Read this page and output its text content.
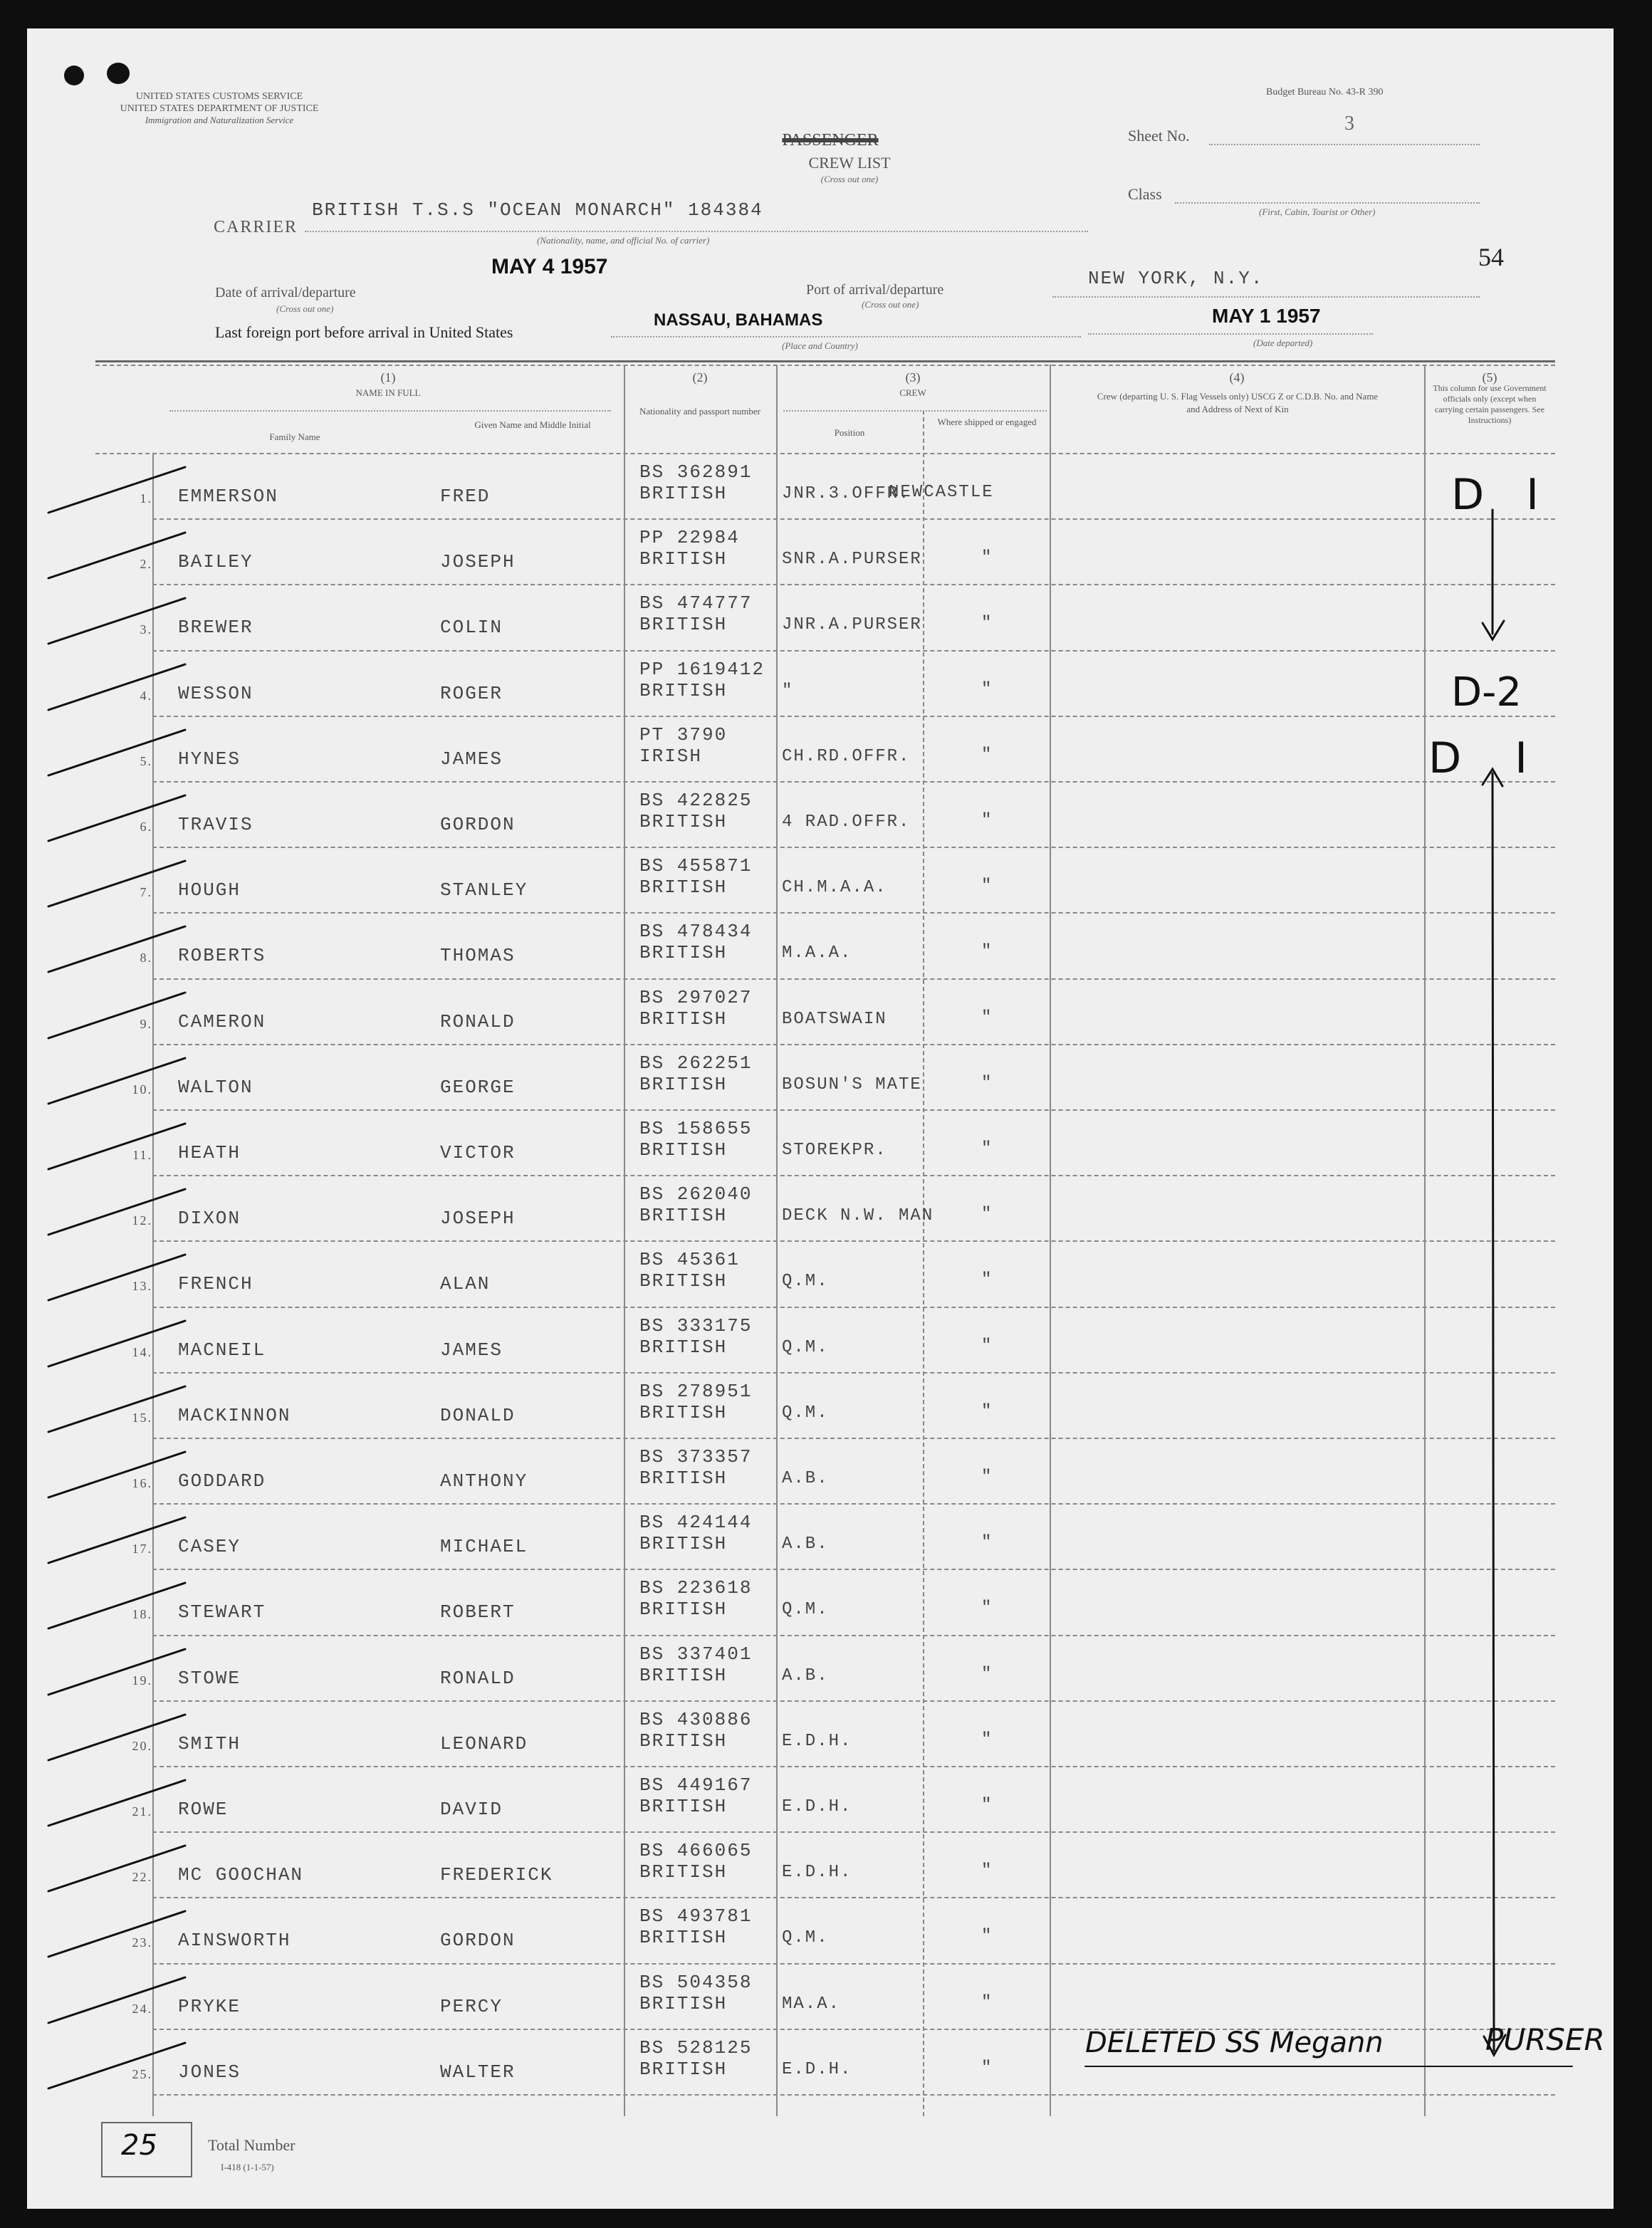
UNITED STATES CUSTOMS SERVICE
UNITED STATES DEPARTMENT OF JUSTICE
Immigration and Naturalization Service
Budget Bureau No. 43-R 390
PASSENGER
CREW LIST
(Cross out one)
Sheet No.
3
Class
(First, Cabin, Tourist or Other)
CARRIER
BRITISH T.S.S "OCEAN MONARCH" 184384
(Nationality, name, and official No. of carrier)
54
Date of arrival/departure
(Cross out one)
MAY 4 1957
Port of arrival/departure
(Cross out one)
NEW YORK, N.Y.
Last foreign port before arrival in United States
NASSAU, BAHAMAS
(Place and Country)
MAY 1 1957
(Date departed)
(1)
NAME IN FULL
Family Name
Given Name and Middle Initial
(2)
Nationality and passport number
(3)
CREW
Position
Where shipped or engaged
(4)
Crew (departing U. S. Flag Vessels only) USCG Z or C.D.B. No. and Name and Address of Next of Kin
(5)
This column for use Government officials only (except when carrying certain passengers. See Instructions)
1. EMMERSON	FRED
BS 362891
BRITISH	JNR.3.OFFR.
NEWCASTLE
2. BAILEY	JOSEPH
PP 22984
BRITISH	SNR.A.PURSER	"
3. BREWER	COLIN
BS 474777
BRITISH	JNR.A.PURSER	"
4. WESSON	ROGER
PP 1619412
BRITISH	"	"
5. HYNES	JAMES
PT 3790
IRISH	CH.RD.OFFR.	"
6. TRAVIS	GORDON
BS 422825
BRITISH	4 RAD.OFFR.	"
7. HOUGH	STANLEY
BS 455871
BRITISH	CH.M.A.A.	"
8. ROBERTS	THOMAS
BS 478434
BRITISH	M.A.A.	"
9. CAMERON	RONALD
BS 297027
BRITISH	BOATSWAIN	"
10. WALTON	GEORGE
BS 262251
BRITISH	BOSUN'S MATE	"
11. HEATH	VICTOR
BS 158655
BRITISH	STOREKPR.	"
12. DIXON	JOSEPH
BS 262040
BRITISH	DECK N.W. MAN	"
13. FRENCH	ALAN
BS 45361
BRITISH	Q.M.	"
14. MACNEIL	JAMES
BS 333175
BRITISH	Q.M.	"
15. MACKINNON	DONALD
BS 278951
BRITISH	Q.M.	"
16. GODDARD	ANTHONY
BS 373357
BRITISH	A.B.	"
17. CASEY	MICHAEL
BS 424144
BRITISH	A.B.	"
18. STEWART	ROBERT
BS 223618
BRITISH	Q.M.	"
19. STOWE	RONALD
BS 337401
BRITISH	A.B.	"
20. SMITH	LEONARD
BS 430886
BRITISH	E.D.H.	"
21. ROWE	DAVID
BS 449167
BRITISH	E.D.H.	"
22. MC GOOCHAN	FREDERICK
BS 466065
BRITISH	E.D.H.	"
23. AINSWORTH	GORDON
BS 493781
BRITISH	Q.M.	"
24. PRYKE	PERCY
BS 504358
BRITISH	MA.A.	"
25. JONES	WALTER
BS 528125
BRITISH	E.D.H.	"
D I
D-2
D I
DELETED SS Megann	PURSER
25	Total Number
I-418 (1-1-57)
